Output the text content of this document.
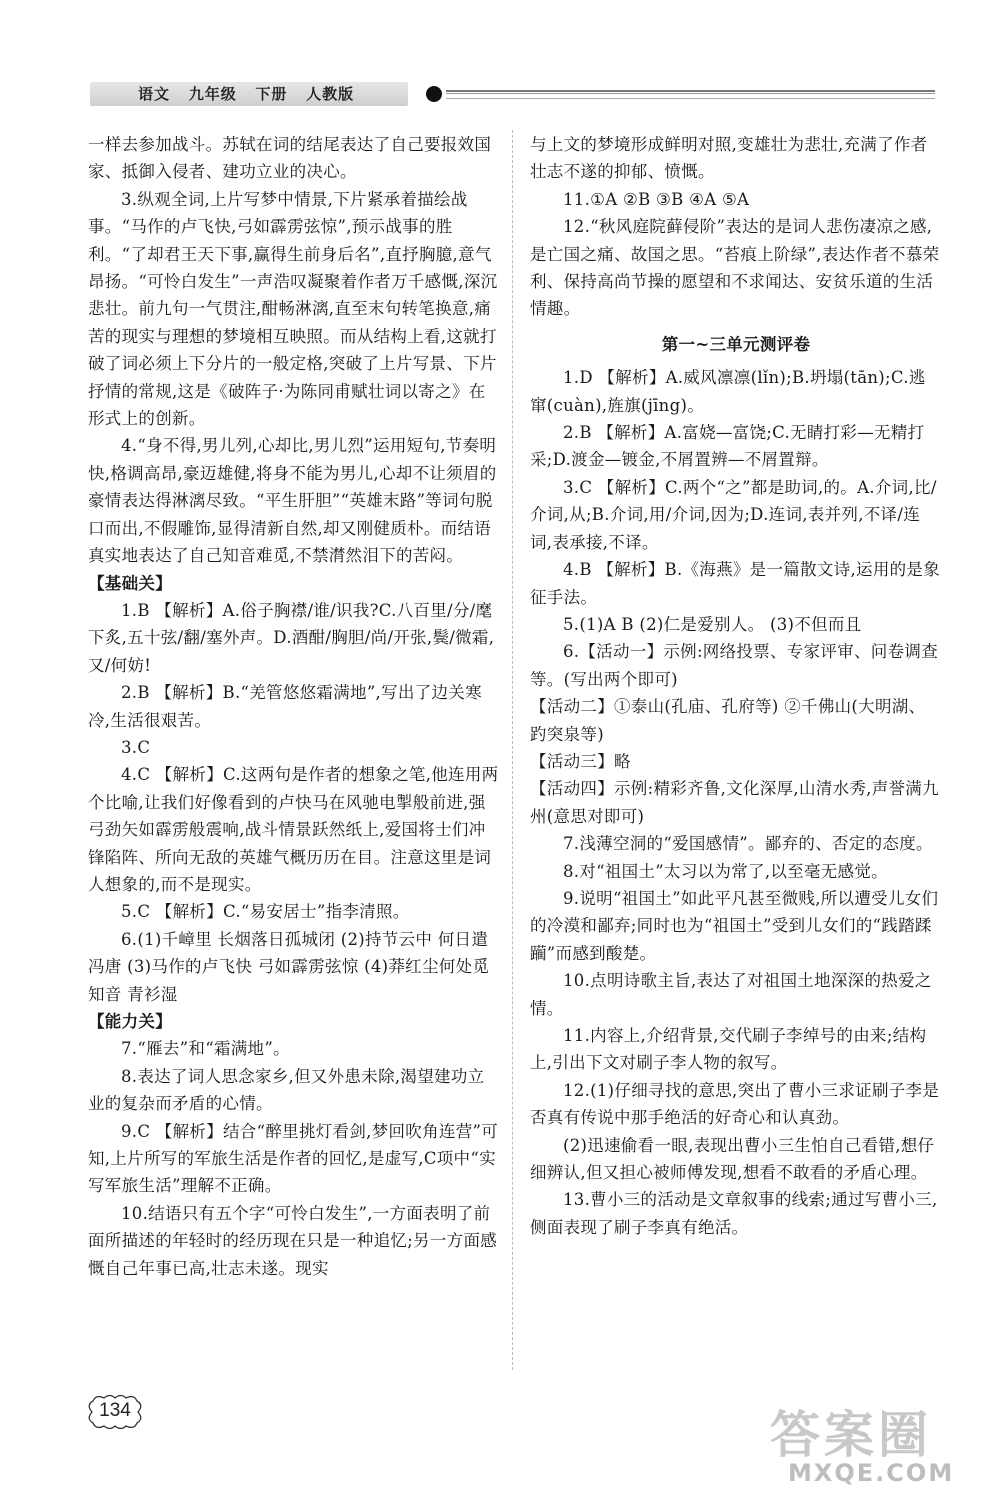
语文 九年级 下册 人教版

一样去参加战斗。苏轼在词的结尾表达了自己要报效国家、抵御入侵者、建功立业的决心。

3.纵观全词,上片写梦中情景,下片紧承着描绘战事。“马作的卢飞快,弓如霹雳弦惊”,预示战事的胜利。“了却君王天下事,赢得生前身后名”,直抒胸臆,意气昂扬。“可怜白发生”一声浩叹凝聚着作者万千感慨,深沉悲壮。前九句一气贯注,酣畅淋漓,直至末句转笔换意,痛苦的现实与理想的梦境相互映照。而从结构上看,这就打破了词必须上下分片的一般定格,突破了上片写景、下片抒情的常规,这是《破阵子·为陈同甫赋壮词以寄之》在形式上的创新。

4.“身不得,男儿列,心却比,男儿烈”运用短句,节奏明快,格调高昂,豪迈雄健,将身不能为男儿,心却不让须眉的豪情表达得淋漓尽致。“平生肝胆”“英雄末路”等词句脱口而出,不假雕饰,显得清新自然,却又刚健质朴。而结语真实地表达了自己知音难觅,不禁潸然泪下的苦闷。

【基础关】

1.B 【解析】A.俗子胸襟/谁/识我?C.八百里/分/麾下炙,五十弦/翻/塞外声。D.酒酣/胸胆/尚/开张,鬓/微霜,又/何妨!

2.B 【解析】B.“羌管悠悠霜满地”,写出了边关寒冷,生活很艰苦。

3.C

4.C 【解析】C.这两句是作者的想象之笔,他连用两个比喻,让我们好像看到的卢快马在风驰电掣般前进,强弓劲矢如霹雳般震响,战斗情景跃然纸上,爱国将士们冲锋陷阵、所向无敌的英雄气概历历在目。注意这里是词人想象的,而不是现实。

5.C 【解析】C.“易安居士”指李清照。

6.(1)千嶂里 长烟落日孤城闭 (2)持节云中 何日遣冯唐 (3)马作的卢飞快 弓如霹雳弦惊 (4)莽红尘何处觅知音 青衫湿

【能力关】

7.“雁去”和“霜满地”。

8.表达了词人思念家乡,但又外患未除,渴望建功立业的复杂而矛盾的心情。

9.C 【解析】结合“醉里挑灯看剑,梦回吹角连营”可知,上片所写的军旅生活是作者的回忆,是虚写,C项中“实写军旅生活”理解不正确。

10.结语只有五个字“可怜白发生”,一方面表明了前面所描述的年轻时的经历现在只是一种追忆;另一方面感慨自己年事已高,壮志未遂。现实

与上文的梦境形成鲜明对照,变雄壮为悲壮,充满了作者壮志不遂的抑郁、愤慨。

11.①A ②B ③B ④A ⑤A

12.“秋风庭院藓侵阶”表达的是词人悲伤凄凉之感,是亡国之痛、故国之思。“苔痕上阶绿”,表达作者不慕荣利、保持高尚节操的愿望和不求闻达、安贫乐道的生活情趣。

第一~三单元测评卷

1.D 【解析】A.威风凛凛(lǐn);B.坍塌(tān);C.逃窜(cuàn),旌旗(jīng)。

2.B 【解析】A.富娆—富饶;C.无睛打彩—无精打采;D.渡金—镀金,不屑置辨—不屑置辩。

3.C 【解析】C.两个“之”都是助词,的。A.介词,比/介词,从;B.介词,用/介词,因为;D.连词,表并列,不译/连词,表承接,不译。

4.B 【解析】B.《海燕》是一篇散文诗,运用的是象征手法。

5.(1)A B (2)仁是爱别人。 (3)不但而且

6.【活动一】示例:网络投票、专家评审、问卷调查等。(写出两个即可)

【活动二】①泰山(孔庙、孔府等) ②千佛山(大明湖、趵突泉等)

【活动三】略

【活动四】示例:精彩齐鲁,文化深厚,山清水秀,声誉满九州(意思对即可)

7.浅薄空洞的“爱国感情”。鄙弃的、否定的态度。

8.对“祖国土”太习以为常了,以至毫无感觉。

9.说明“祖国土”如此平凡甚至微贱,所以遭受儿女们的冷漠和鄙弃;同时也为“祖国土”受到儿女们的“践踏蹂躏”而感到酸楚。

10.点明诗歌主旨,表达了对祖国土地深深的热爱之情。

11.内容上,介绍背景,交代刷子李绰号的由来;结构上,引出下文对刷子李人物的叙写。

12.(1)仔细寻找的意思,突出了曹小三求证刷子李是否真有传说中那手绝活的好奇心和认真劲。

(2)迅速偷看一眼,表现出曹小三生怕自己看错,想仔细辨认,但又担心被师傅发现,想看不敢看的矛盾心理。

13.曹小三的活动是文章叙事的线索;通过写曹小三,侧面表现了刷子李真有绝活。

134	答案圈
MXQE.COM
